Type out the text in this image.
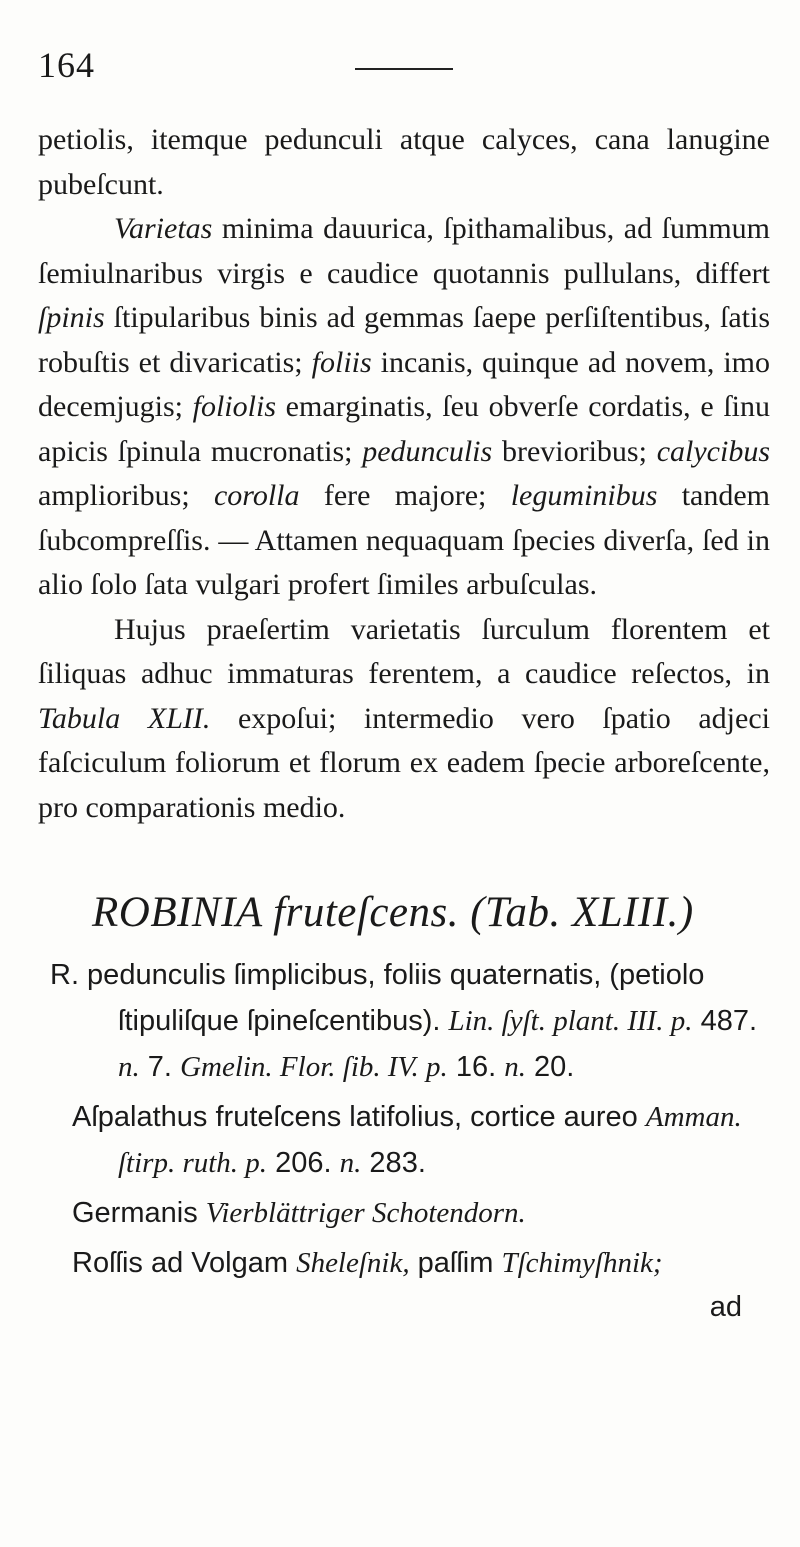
164

petiolis, itemque pedunculi atque calyces, cana lanugine pubeſcunt.

Varietas minima dauurica, ſpithamalibus, ad ſummum ſemiulnaribus virgis e caudice quotannis pullulans, differt ſpinis ſtipularibus binis ad gemmas ſaepe perſiſtentibus, ſatis robuſtis et divaricatis; foliis incanis, quinque ad novem, imo decemjugis; foliolis emarginatis, ſeu obverſe cordatis, e ſinu apicis ſpinula mucronatis; pedunculis brevioribus; calycibus amplioribus; corolla fere majore; leguminibus tandem ſubcompreſſis. — Attamen nequaquam ſpecies diverſa, ſed in alio ſolo ſata vulgari profert ſimiles arbuſculas.

Hujus praeſertim varietatis ſurculum florentem et ſiliquas adhuc immaturas ferentem, a caudice reſectos, in Tabula XLII. expoſui; intermedio vero ſpatio adjeci faſciculum foliorum et florum ex eadem ſpecie arboreſcente, pro comparationis medio.

ROBINIA fruteſcens. (Tab. XLIII.)
R. pedunculis ſimplicibus, foliis quaternatis, (petiolo ſtipuliſque ſpineſcentibus). Lin. ſyſt. plant. III. p. 487. n. 7. Gmelin. Flor. ſib. IV. p. 16. n. 20.
Aſpalathus fruteſcens latifolius, cortice aureo Amman. ſtirp. ruth. p. 206. n. 283.
Germanis Vierblättriger Schotendorn.
Roſſis ad Volgam Sheleſnik, paſſim Tſchimyſhnik;
ad
